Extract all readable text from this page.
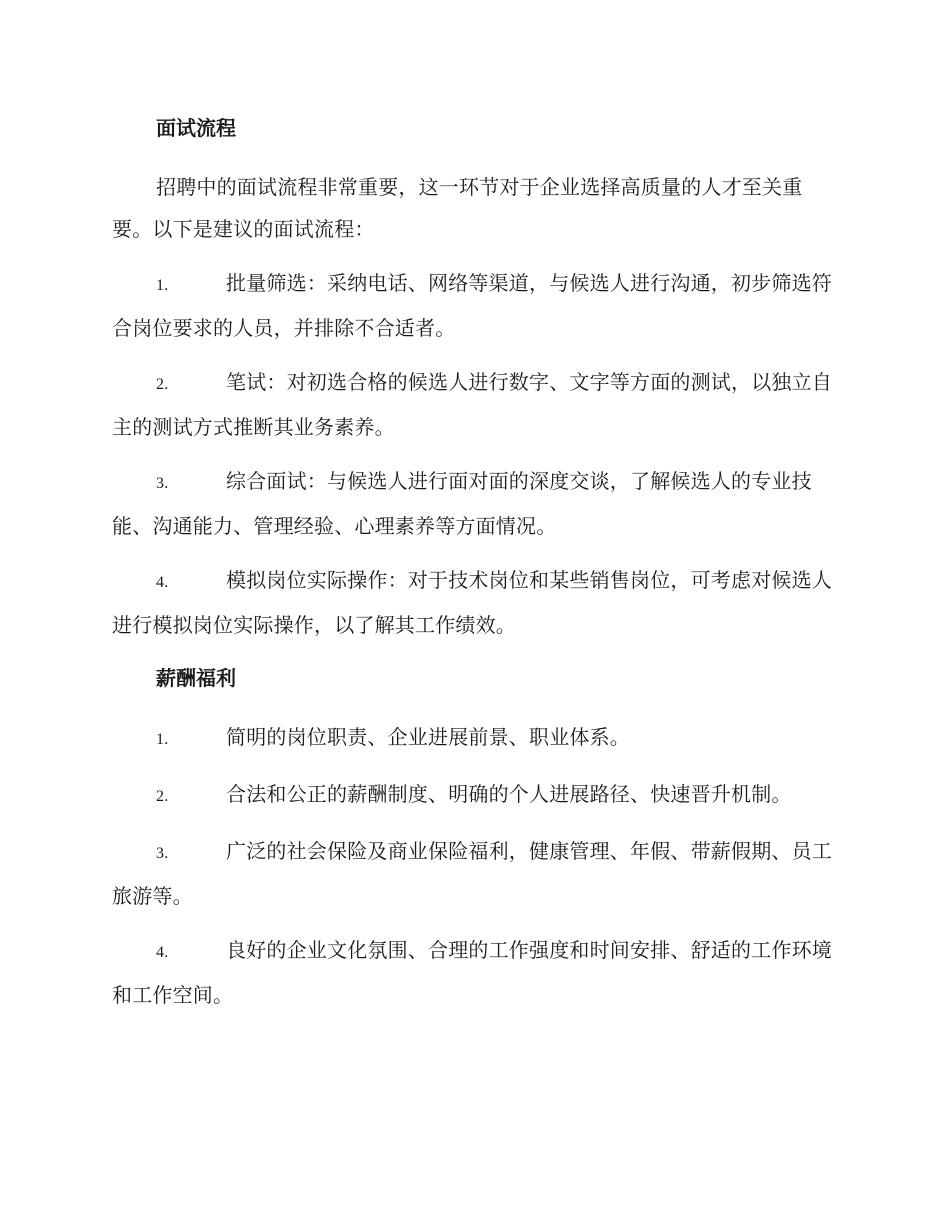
面试流程

招聘中的面试流程非常重要，这一环节对于企业选择高质量的人才至关重要。以下是建议的面试流程：

1.	批量筛选：采纳电话、网络等渠道，与候选人进行沟通，初步筛选符合岗位要求的人员，并排除不合适者。

2.	笔试：对初选合格的候选人进行数字、文字等方面的测试，以独立自主的测试方式推断其业务素养。

3.	综合面试：与候选人进行面对面的深度交谈，了解候选人的专业技能、沟通能力、管理经验、心理素养等方面情况。

4.	模拟岗位实际操作：对于技术岗位和某些销售岗位，可考虑对候选人进行模拟岗位实际操作，以了解其工作绩效。

薪酬福利

1.	简明的岗位职责、企业进展前景、职业体系。

2.	合法和公正的薪酬制度、明确的个人进展路径、快速晋升机制。

3.	广泛的社会保险及商业保险福利，健康管理、年假、带薪假期、员工旅游等。

4.	良好的企业文化氛围、合理的工作强度和时间安排、舒适的工作环境和工作空间。
